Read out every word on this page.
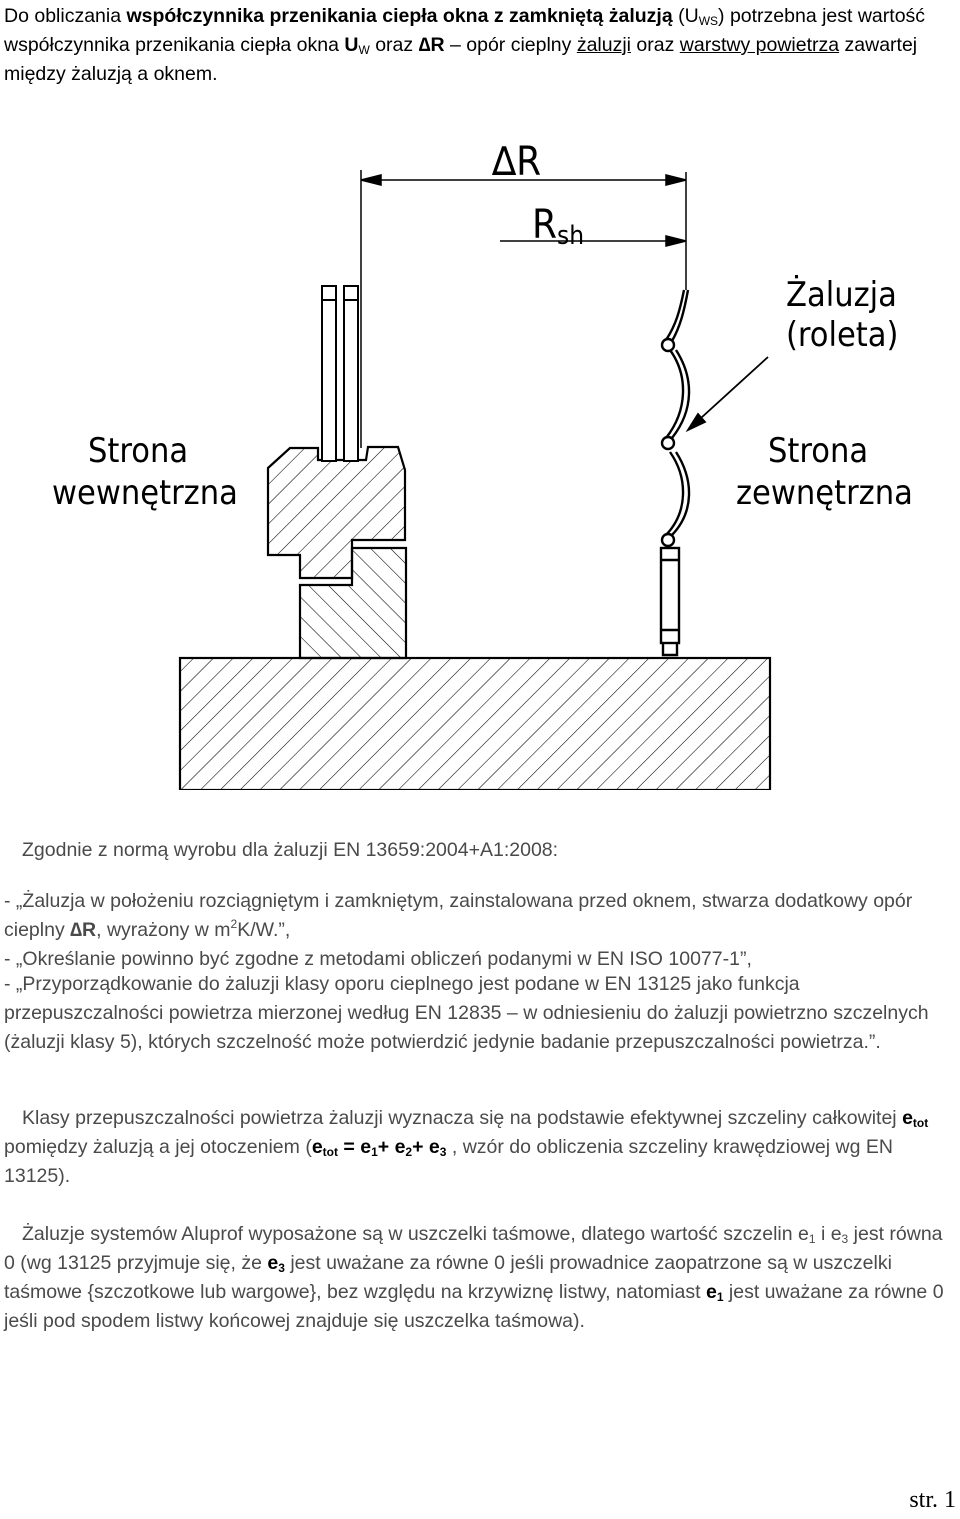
Do obliczania współczynnika przenikania ciepła okna z zamkniętą żaluzją $(U_{WS})$ potrzebna jest wartość współczynnika przenikania ciepła okna $U_W$ oraz ∆R – opór cieplny żaluzji oraz warstwy powietrza zawartej między żaluzją a oknem.

∆R
Rsh
Żaluzja
(roleta)
Strona
wewnętrzna
Strona
zewnętrzna

Zgodnie z normą wyrobu dla żaluzji EN 13659:2004+A1:2008:

- „Żaluzja w położeniu rozciągniętym i zamkniętym, zainstalowana przed oknem, stwarza dodatkowy opór cieplny ∆R, wyrażony w $m^2K/W$.”,

- „Określanie powinno być zgodne z metodami obliczeń podanymi w EN ISO 10077-1”,

- „Przyporządkowanie do żaluzji klasy oporu cieplnego jest podane w EN 13125 jako funkcja przepuszczalności powietrza mierzonej według EN 12835 – w odniesieniu do żaluzji powietrzno szczelnych (żaluzji klasy 5), których szczelność może potwierdzić jedynie badanie przepuszczalności powietrza.”.

Klasy przepuszczalności powietrza żaluzji wyznacza się na podstawie efektywnej szczeliny całkowitej $e_{tot}$ pomiędzy żaluzją a jej otoczeniem ($e_{tot} = e_1+ e_2+ e_3$ , wzór do obliczenia szczeliny krawędziowej wg EN 13125).

Żaluzje systemów Aluprof wyposażone są w uszczelki taśmowe, dlatego wartość szczelin $e_1$ i $e_3$ jest równa 0 (wg 13125 przyjmuje się, że $e_3$ jest uważane za równe 0 jeśli prowadnice zaopatrzone są w uszczelki taśmowe {szczotkowe lub wargowe}, bez względu na krzywiznę listwy, natomiast $e_1$ jest uważane za równe 0 jeśli pod spodem listwy końcowej znajduje się uszczelka taśmowa).

str. 1
